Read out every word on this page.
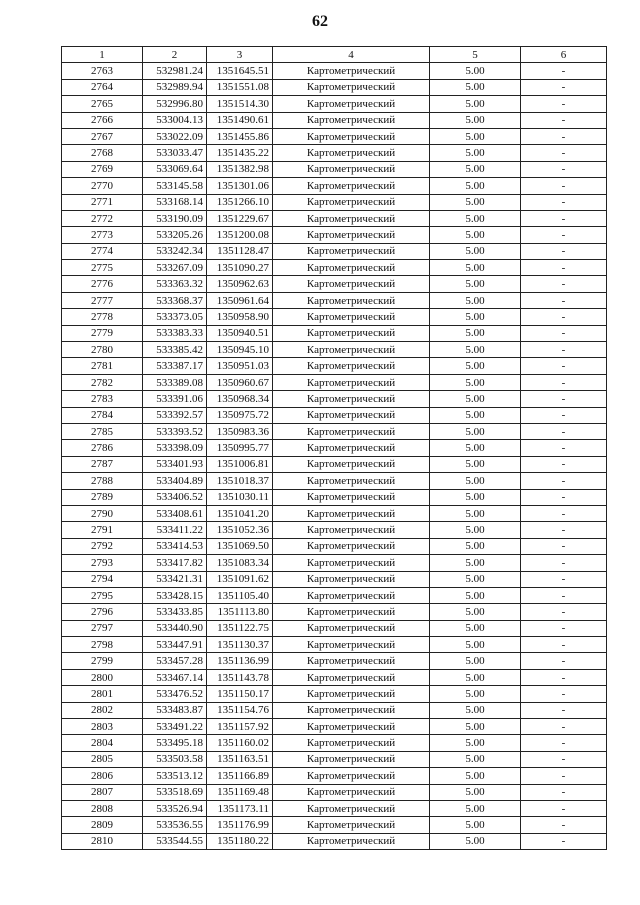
62
1	2	3	4	5	6
2763	532981.24	1351645.51	Картометрический	5.00	-
2764	532989.94	1351551.08	Картометрический	5.00	-
2765	532996.80	1351514.30	Картометрический	5.00	-
2766	533004.13	1351490.61	Картометрический	5.00	-
2767	533022.09	1351455.86	Картометрический	5.00	-
2768	533033.47	1351435.22	Картометрический	5.00	-
2769	533069.64	1351382.98	Картометрический	5.00	-
2770	533145.58	1351301.06	Картометрический	5.00	-
2771	533168.14	1351266.10	Картометрический	5.00	-
2772	533190.09	1351229.67	Картометрический	5.00	-
2773	533205.26	1351200.08	Картометрический	5.00	-
2774	533242.34	1351128.47	Картометрический	5.00	-
2775	533267.09	1351090.27	Картометрический	5.00	-
2776	533363.32	1350962.63	Картометрический	5.00	-
2777	533368.37	1350961.64	Картометрический	5.00	-
2778	533373.05	1350958.90	Картометрический	5.00	-
2779	533383.33	1350940.51	Картометрический	5.00	-
2780	533385.42	1350945.10	Картометрический	5.00	-
2781	533387.17	1350951.03	Картометрический	5.00	-
2782	533389.08	1350960.67	Картометрический	5.00	-
2783	533391.06	1350968.34	Картометрический	5.00	-
2784	533392.57	1350975.72	Картометрический	5.00	-
2785	533393.52	1350983.36	Картометрический	5.00	-
2786	533398.09	1350995.77	Картометрический	5.00	-
2787	533401.93	1351006.81	Картометрический	5.00	-
2788	533404.89	1351018.37	Картометрический	5.00	-
2789	533406.52	1351030.11	Картометрический	5.00	-
2790	533408.61	1351041.20	Картометрический	5.00	-
2791	533411.22	1351052.36	Картометрический	5.00	-
2792	533414.53	1351069.50	Картометрический	5.00	-
2793	533417.82	1351083.34	Картометрический	5.00	-
2794	533421.31	1351091.62	Картометрический	5.00	-
2795	533428.15	1351105.40	Картометрический	5.00	-
2796	533433.85	1351113.80	Картометрический	5.00	-
2797	533440.90	1351122.75	Картометрический	5.00	-
2798	533447.91	1351130.37	Картометрический	5.00	-
2799	533457.28	1351136.99	Картометрический	5.00	-
2800	533467.14	1351143.78	Картометрический	5.00	-
2801	533476.52	1351150.17	Картометрический	5.00	-
2802	533483.87	1351154.76	Картометрический	5.00	-
2803	533491.22	1351157.92	Картометрический	5.00	-
2804	533495.18	1351160.02	Картометрический	5.00	-
2805	533503.58	1351163.51	Картометрический	5.00	-
2806	533513.12	1351166.89	Картометрический	5.00	-
2807	533518.69	1351169.48	Картометрический	5.00	-
2808	533526.94	1351173.11	Картометрический	5.00	-
2809	533536.55	1351176.99	Картометрический	5.00	-
2810	533544.55	1351180.22	Картометрический	5.00	-
